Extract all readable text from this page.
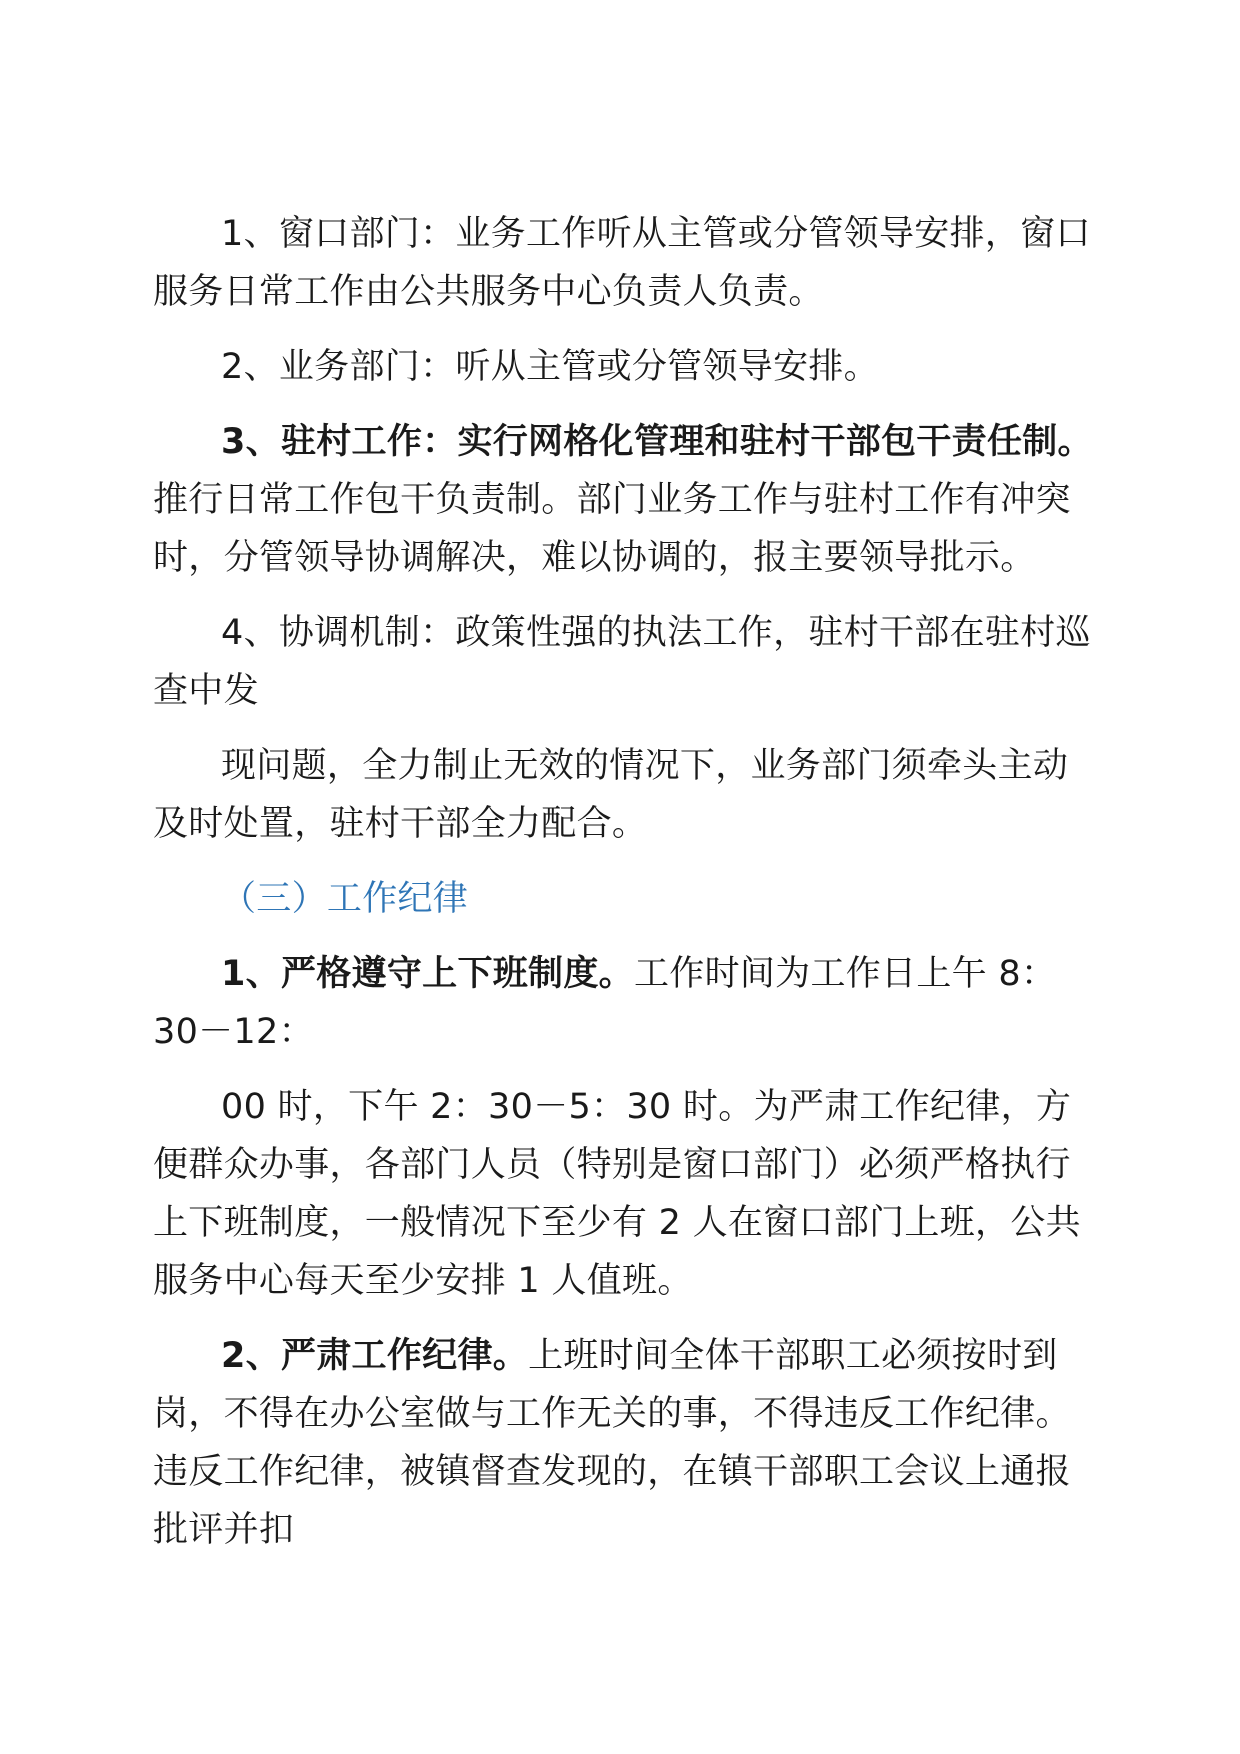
1、窗口部门：业务工作听从主管或分管领导安排，窗口服务日常工作由公共服务中心负责人负责。

2、业务部门：听从主管或分管领导安排。

3、驻村工作：实行网格化管理和驻村干部包干责任制。推行日常工作包干负责制。部门业务工作与驻村工作有冲突时，分管领导协调解决，难以协调的，报主要领导批示。

4、协调机制：政策性强的执法工作，驻村干部在驻村巡查中发

现问题，全力制止无效的情况下，业务部门须牵头主动及时处置，驻村干部全力配合。

（三）工作纪律

1、严格遵守上下班制度。工作时间为工作日上午 8：30－12：

00 时，下午 2：30－5：30 时。为严肃工作纪律，方便群众办事，各部门人员（特别是窗口部门）必须严格执行上下班制度，一般情况下至少有 2 人在窗口部门上班，公共服务中心每天至少安排 1 人值班。

2、严肃工作纪律。上班时间全体干部职工必须按时到岗，不得在办公室做与工作无关的事，不得违反工作纪律。违反工作纪律，被镇督查发现的，在镇干部职工会议上通报批评并扣
